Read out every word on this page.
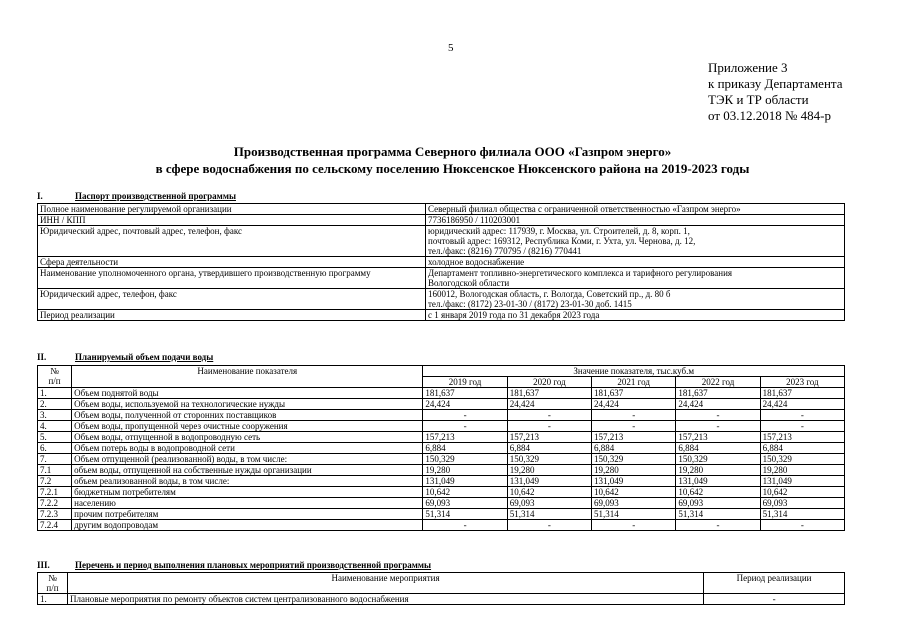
5
Приложение 3
к приказу Департамента
ТЭК и ТР области
от 03.12.2018 № 484-р
Производственная программа Северного филиала ООО «Газпром энерго»
в сфере водоснабжения по сельскому поселению Нюксенское Нюксенского района на 2019-2023 годы
I.	Паспорт производственной программы
Полное наименование регулируемой организации	Северный филиал общества с ограниченной ответственностью «Газпром энерго»
ИНН / КПП	7736186950 / 110203001
Юридический адрес, почтовый адрес, телефон, факс	юридический адрес: 117939, г. Москва, ул. Строителей, д. 8, корп. 1,
почтовый адрес: 169312, Республика Коми, г. Ухта, ул. Чернова, д. 12,
тел./факс: (8216) 770795 / (8216) 770441

Сфера деятельности	холодное водоснабжение
Наименование уполномоченного органа, утвердившего производственную программу	Департамент топливно-энергетического комплекса и тарифного регулирования
Вологодской области

Юридический адрес, телефон, факс	160012, Вологодская область, г. Вологда, Советский пр., д. 80 б
тел./факс: (8172) 23-01-30 / (8172) 23-01-30 доб. 1415

Период реализации	с 1 января 2019 года по 31 декабря 2023 года
II.	Планируемый объем подачи воды
№
п/п	Наименование показателя	Значение показателя, тыс.куб.м				
		2019 год	2020 год	2021 год	2022 год	2023 год
1.	Объем поднятой воды	181,637	181,637	181,637	181,637	181,637
2.	Объем воды, используемой на технологические нужды	24,424	24,424	24,424	24,424	24,424
3.	Объем воды, полученной от сторонних поставщиков	-	-	-	-	-
4.	Объем воды, пропущенной через очистные сооружения	-	-	-	-	-
5.	Объем воды, отпущенной в водопроводную сеть	157,213	157,213	157,213	157,213	157,213
6.	Объем потерь воды в водопроводной сети	6,884	6,884	6,884	6,884	6,884
7.	Объем отпущенной (реализованной) воды, в том числе:	150,329	150,329	150,329	150,329	150,329
7.1	объем воды, отпущенной на собственные нужды организации	19,280	19,280	19,280	19,280	19,280
7.2	объем реализованной воды, в том числе:	131,049	131,049	131,049	131,049	131,049
7.2.1	бюджетным потребителям	10,642	10,642	10,642	10,642	10,642
7.2.2	населению	69,093	69,093	69,093	69,093	69,093
7.2.3	прочим потребителям	51,314	51,314	51,314	51,314	51,314
7.2.4	другим водопроводам	-	-	-	-	-
III.	Перечень и период выполнения плановых мероприятий производственной программы
№
п/п	Наименование мероприятия	Период реализации
1.	Плановые мероприятия по ремонту объектов систем централизованного водоснабжения	-
